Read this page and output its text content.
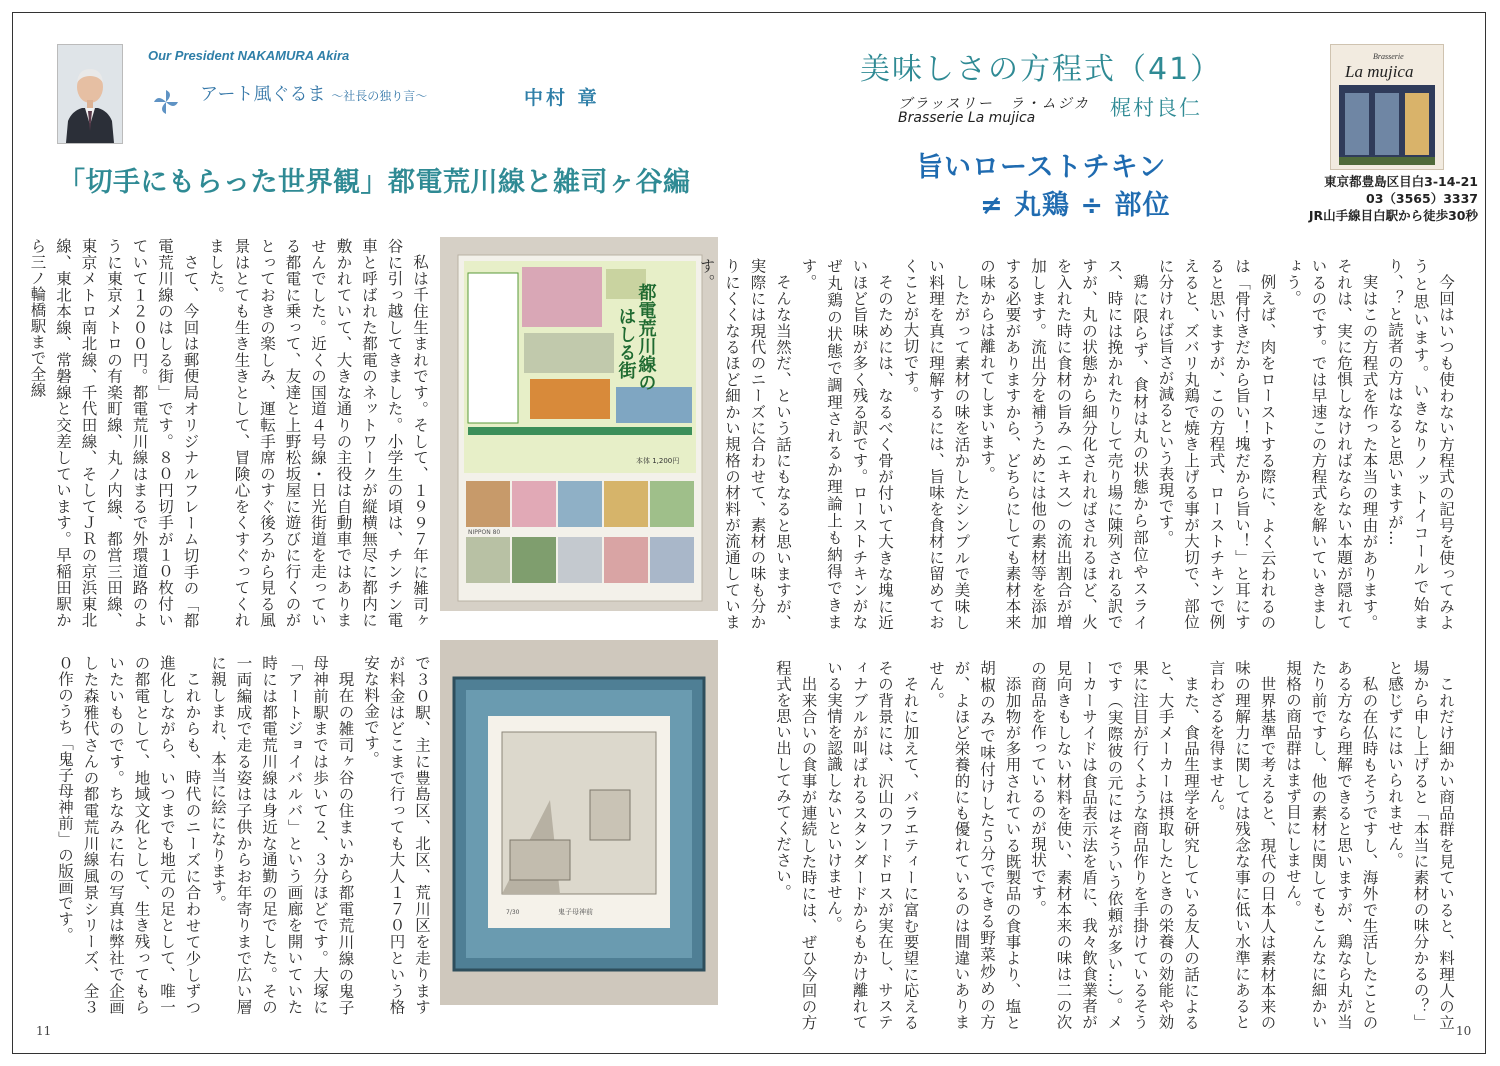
Our President NAKAMURA Akira
アート風ぐるま ～社長の独り言～	中村 章
「切手にもらった世界観」都電荒川線と雑司ヶ谷編

私は千住生まれです。そして、１９９７年に雑司ヶ谷に引っ越してきました。小学生の頃は、チンチン電車と呼ばれた都電のネットワークが縦横無尽に都内に敷かれていて、大きな通りの主役は自動車ではありませんでした。近くの国道４号線・日光街道を走っている都電に乗って、友達と上野松坂屋に遊びに行くのがとっておきの楽しみ、運転手席のすぐ後ろから見る風景はとても生き生きとして、冒険心をくすぐってくれました。

さて、今回は郵便局オリジナルフレーム切手の「都電荒川線のはしる街」です。８０円切手が１０枚付いていて１２００円。都電荒川線はまるで外環道路のように東京メトロの有楽町線、丸ノ内線、都営三田線、東京メトロ南北線、千代田線、そしてＪＲの京浜東北線、東北本線、常磐線と交差しています。早稲田駅から三ノ輪橋駅まで全線

で３０駅、主に豊島区、北区、荒川区を走りますが料金はどこまで行っても大人１７０円という格安な料金です。

現在の雑司ヶ谷の住まいから都電荒川線の鬼子母神前駅までは歩いて２、３分ほどです。大塚に「アートジョイバルバ」という画廊を開いていた時には都電荒川線は身近な通勤の足でした。その一両編成で走る姿は子供からお年寄りまで広い層に親しまれ、本当に絵になります。

これからも、時代のニーズに合わせて少しずつ進化しながら、いつまでも地元の足として、唯一の都電として、地域文化として、生き残ってもらいたいものです。ちなみに右の写真は弊社で企画した森雅代さんの都電荒川線風景シリーズ、全３０作のうち「鬼子母神前」の版画です。

都電荒川線の
はしる街
本体 1,200円
NIPPON 80
鬼子母神前
7/30
美味しさの方程式（41）
ブラッスリー　ラ・ムジカ
Brasserie La mujica	梶村良仁
旨いローストチキン
≠ 丸鶏 ÷ 部位
Brasserie
La mujica
東京都豊島区目白3-14-21
03（3565）3337
JR山手線目白駅から徒歩30秒

今回はいつも使わない方程式の記号を使ってみようと思います。いきなりノットイコールで始まり、？と読者の方はなると思いますが…

実はこの方程式を作った本当の理由があります。それは、実に危惧しなければならない本題が隠れているのです。では早速この方程式を解いていきましょう。

例えば、肉をローストする際に、よく云われるのは「骨付きだから旨い！塊だから旨い！」と耳にすると思いますが、この方程式、ローストチキンで例えると、ズバリ丸鶏で焼き上げる事が大切で、部位に分ければ旨さが減るという表現です。

鶏に限らず、食材は丸の状態から部位やスライス、時には挽かれたりして売り場に陳列される訳ですが、丸の状態から細分化されればされるほど、火を入れた時に食材の旨み（エキス）の流出割合が増加します。流出分を補うためには他の素材等を添加する必要がありますから、どちらにしても素材本来の味からは離れてしまいます。

したがって素材の味を活かしたシンプルで美味しい料理を真に理解するには、旨味を食材に留めておくことが大切です。

そのためには、なるべく骨が付いて大きな塊に近いほど旨味が多く残る訳です。ローストチキンがなぜ丸鶏の状態で調理されるか理論上も納得できます。

そんな当然だ、という話にもなると思いますが、実際には現代のニーズに合わせて、素材の味も分かりにくくなるほど細かい規格の材料が流通しています。

これだけ細かい商品群を見ていると、料理人の立場から申し上げると「本当に素材の味分かるの？」と感じずにはいられません。

私の在仏時もそうですし、海外で生活したことのある方なら理解できると思いますが、鶏なら丸が当たり前ですし、他の素材に関してもこんなに細かい規格の商品群はまず目にしません。

世界基準で考えると、現代の日本人は素材本来の味の理解力に関しては残念な事に低い水準にあると言わざるを得ません。

また、食品生理学を研究している友人の話によると、大手メーカーは摂取したときの栄養の効能や効果に注目が行くような商品作りを手掛けているそうです（実際彼の元にはそういう依頼が多い…）。メーカーサイドは食品表示法を盾に、我々飲食業者が見向きもしない材料を使い、素材本来の味は二の次の商品を作っているのが現状です。

添加物が多用されている既製品の食事より、塩と胡椒のみで味付けした５分でできる野菜炒めの方が、よほど栄養的にも優れているのは間違いありません。

それに加えて、バラエティーに富む要望に応えるその背景には、沢山のフードロスが実在し、サスティナブルが叫ばれるスタンダードからもかけ離れている実情を認識しないといけません。

出来合いの食事が連続した時には、ぜひ今回の方程式を思い出してみてください。

11	10
